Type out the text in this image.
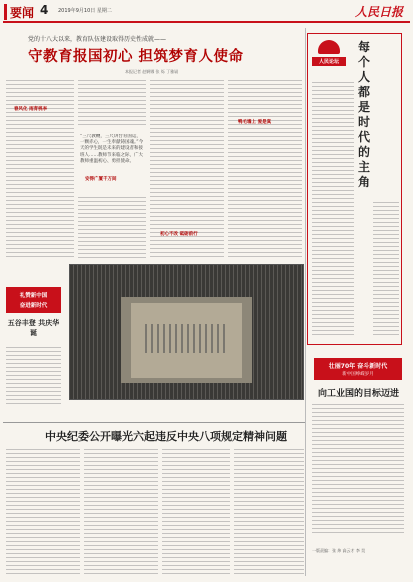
要闻 4 2019年9月10日 星期二	人民日报
党的十八大以来，教育队伍建设取得历史性成就——
守教育报国初心 担筑梦育人使命
本报记者 赵婀娜 张 烁 丁雅诵
春风化 雨育桃李
安得广厦千万间
初心不改 砥砺前行
鸭毛墙上 爱是真
“三尺教鞭，三尺讲台育国运，一颗赤心，一生奉献铸国魂。”今天的学生既是未来的建设者和接班人……教师节来临之际，广大教师重温初心、勇担使命。
礼赞新中国
奋进新时代
五谷丰登 共庆华诞
人民论坛
每个人都是时代的主角
壮丽70年 奋斗新时代
新中国峥嵘岁月
向工业国的目标迈进
中央纪委公开曝光六起违反中央八项规定精神问题
一版责编：张 炜 高云才 李 昊
